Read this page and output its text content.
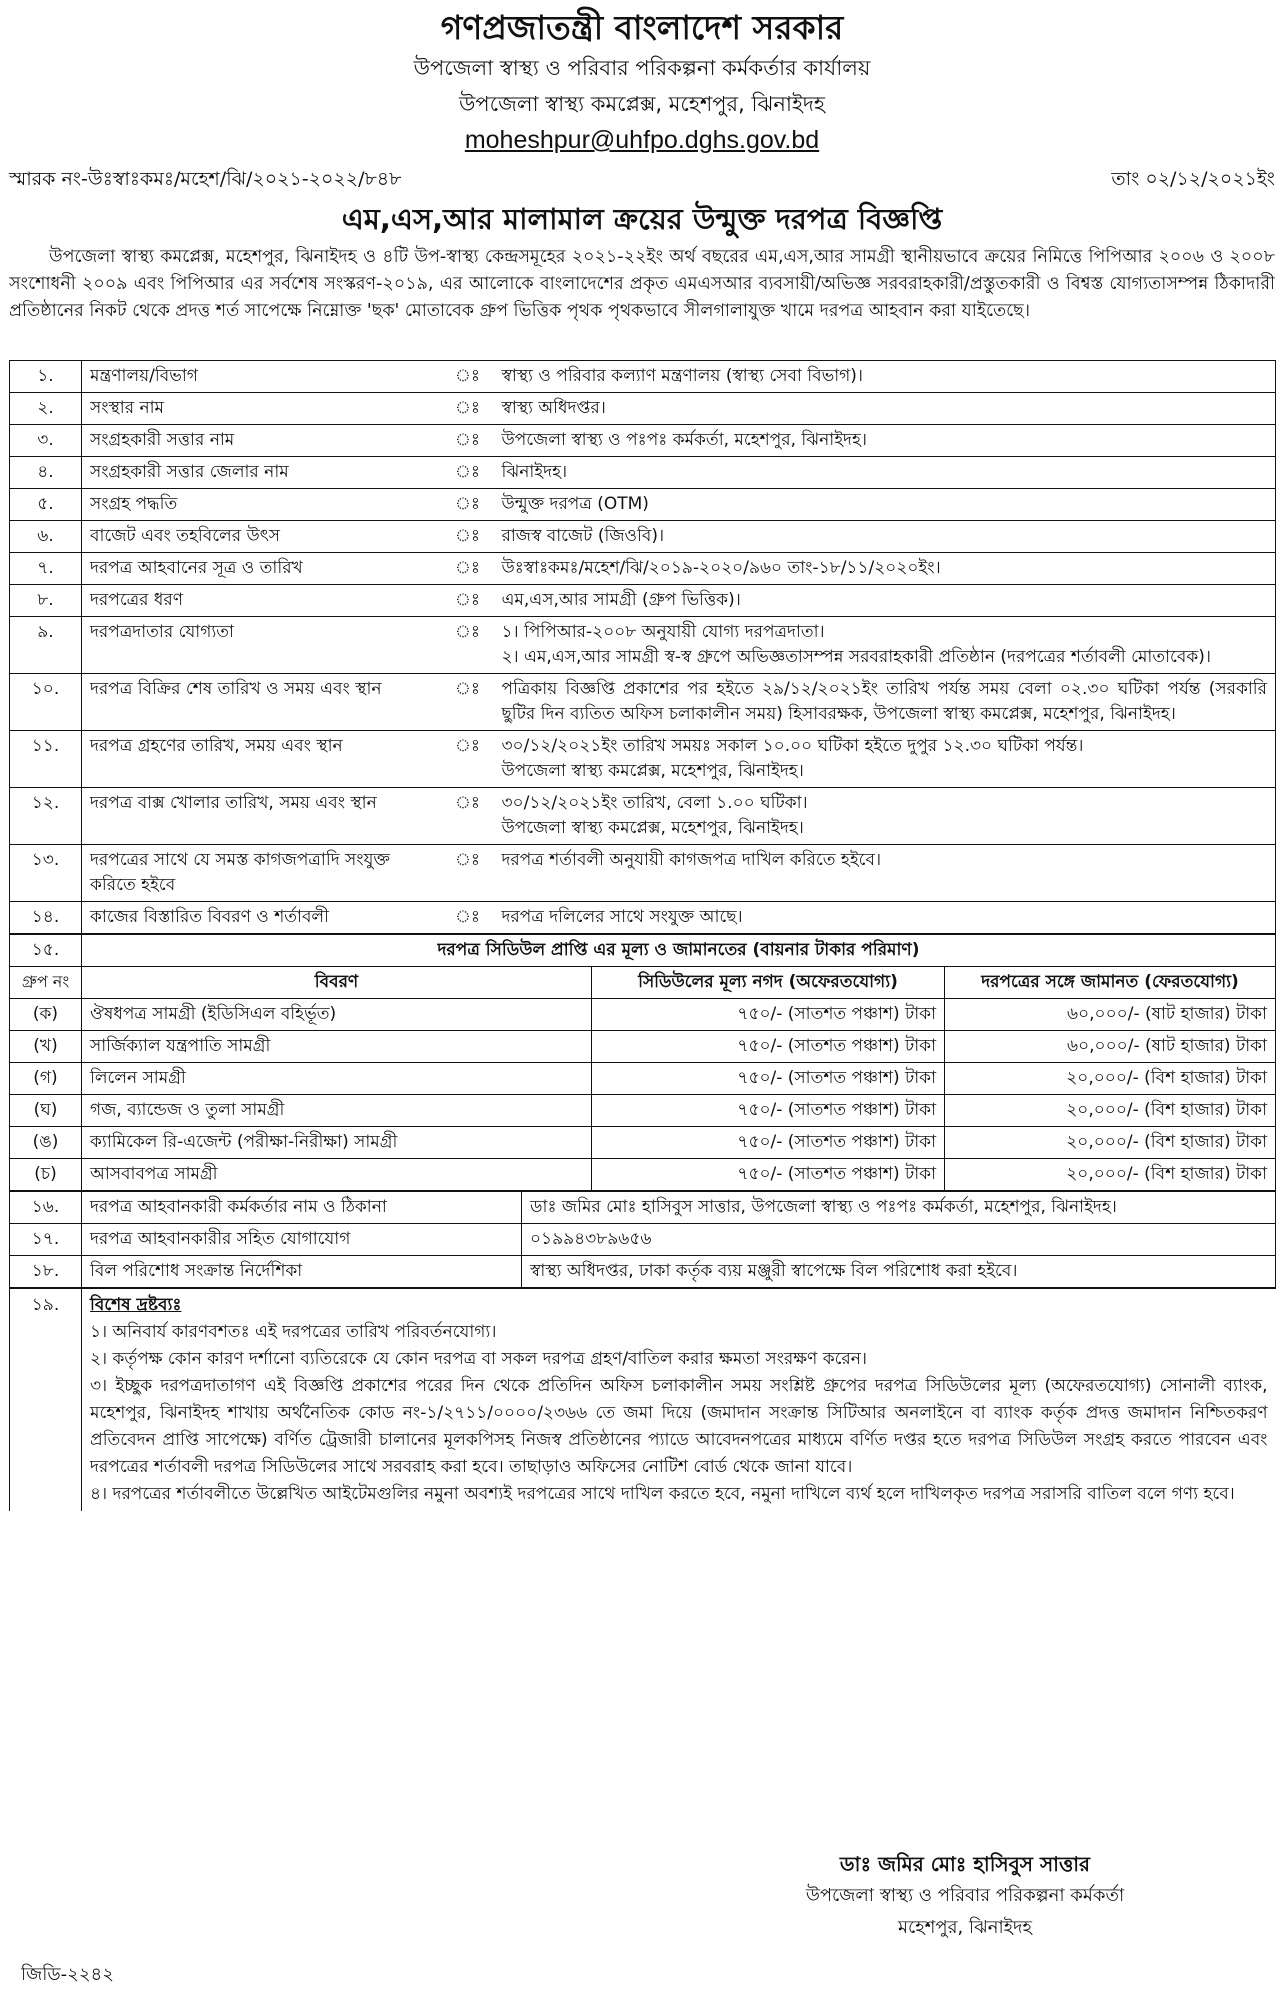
গণপ্রজাতন্ত্রী বাংলাদেশ সরকার
উপজেলা স্বাস্থ্য ও পরিবার পরিকল্পনা কর্মকর্তার কার্যালয়
উপজেলা স্বাস্থ্য কমপ্লেক্স, মহেশপুর, ঝিনাইদহ
moheshpur@uhfpo.dghs.gov.bd
স্মারক নং-উঃস্বাঃকমঃ/মহেশ/ঝি/২০২১-২০২২/৮৪৮	তাং ০২/১২/২০২১ইং
এম,এস,আর মালামাল ক্রয়ের উন্মুক্ত দরপত্র বিজ্ঞপ্তি
উপজেলা স্বাস্থ্য কমপ্লেক্স, মহেশপুর, ঝিনাইদহ ও ৪টি উপ-স্বাস্থ্য কেন্দ্রসমূহের ২০২১-২২ইং অর্থ বছরের এম,এস,আর সামগ্রী স্থানীয়ভাবে ক্রয়ের নিমিত্তে পিপিআর ২০০৬ ও ২০০৮ সংশোধনী ২০০৯ এবং পিপিআর এর সর্বশেষ সংস্করণ-২০১৯, এর আলোকে বাংলাদেশের প্রকৃত এমএসআর ব্যবসায়ী/অভিজ্ঞ সরবরাহকারী/প্রস্তুতকারী ও বিশ্বস্ত যোগ্যতাসম্পন্ন ঠিকাদারী প্রতিষ্ঠানের নিকট থেকে প্রদত্ত শর্ত সাপেক্ষে নিম্নোক্ত 'ছক' মোতাবেক গ্রুপ ভিত্তিক পৃথক পৃথকভাবে সীলগালাযুক্ত খামে দরপত্র আহবান করা যাইতেছে।
১.	মন্ত্রণালয়/বিভাগ	ঃ	স্বাস্থ্য ও পরিবার কল্যাণ মন্ত্রণালয় (স্বাস্থ্য সেবা বিভাগ)।

২.	সংস্থার নাম	ঃ	স্বাস্থ্য অধিদপ্তর।

৩.	সংগ্রহকারী সত্তার নাম	ঃ	উপজেলা স্বাস্থ্য ও পঃপঃ কর্মকর্তা, মহেশপুর, ঝিনাইদহ।

৪.	সংগ্রহকারী সত্তার জেলার নাম	ঃ	ঝিনাইদহ।

৫.	সংগ্রহ পদ্ধতি	ঃ	উন্মুক্ত দরপত্র (OTM)

৬.	বাজেট এবং তহবিলের উৎস	ঃ	রাজস্ব বাজেট (জিওবি)।

৭.	দরপত্র আহবানের সূত্র ও তারিখ	ঃ	উঃস্বাঃকমঃ/মহেশ/ঝি/২০১৯-২০২০/৯৬০ তাং-১৮/১১/২০২০ইং।

৮.	দরপত্রের ধরণ	ঃ	এম,এস,আর সামগ্রী (গ্রুপ ভিত্তিক)।

৯.	দরপত্রদাতার যোগ্যতা	ঃ	১। পিপিআর-২০০৮ অনুযায়ী যোগ্য দরপত্রদাতা।
২। এম,এস,আর সামগ্রী স্ব-স্ব গ্রুপে অভিজ্ঞতাসম্পন্ন সরবরাহকারী প্রতিষ্ঠান (দরপত্রের শর্তাবলী মোতাবেক)।

১০.	দরপত্র বিক্রির শেষ তারিখ ও সময় এবং স্থান	ঃ	পত্রিকায় বিজ্ঞপ্তি প্রকাশের পর হইতে ২৯/১২/২০২১ইং তারিখ পর্যন্ত সময় বেলা ০২.৩০ ঘটিকা পর্যন্ত (সরকারি ছুটির দিন ব্যতিত অফিস চলাকালীন সময়) হিসাবরক্ষক, উপজেলা স্বাস্থ্য কমপ্লেক্স, মহেশপুর, ঝিনাইদহ।

১১.	দরপত্র গ্রহণের তারিখ, সময় এবং স্থান	ঃ	৩০/১২/২০২১ইং তারিখ সময়ঃ সকাল ১০.০০ ঘটিকা হইতে দুপুর ১২.৩০ ঘটিকা পর্যন্ত।
উপজেলা স্বাস্থ্য কমপ্লেক্স, মহেশপুর, ঝিনাইদহ।

১২.	দরপত্র বাক্স খোলার তারিখ, সময় এবং স্থান	ঃ	৩০/১২/২০২১ইং তারিখ, বেলা ১.০০ ঘটিকা।
উপজেলা স্বাস্থ্য কমপ্লেক্স, মহেশপুর, ঝিনাইদহ।

১৩.	দরপত্রের সাথে যে সমস্ত কাগজপত্রাদি সংযুক্ত করিতে হইবে	ঃ	দরপত্র শর্তাবলী অনুযায়ী কাগজপত্র দাখিল করিতে হইবে।

১৪.	কাজের বিস্তারিত বিবরণ ও শর্তাবলী	ঃ	দরপত্র দলিলের সাথে সংযুক্ত আছে।
১৫.	দরপত্র সিডিউল প্রাপ্তি এর মূল্য ও জামানতের (বায়নার টাকার পরিমাণ)		
গ্রুপ নং	বিবরণ	সিডিউলের মূল্য নগদ (অফেরতযোগ্য)	দরপত্রের সঙ্গে জামানত (ফেরতযোগ্য)
(ক)	ঔষধপত্র সামগ্রী (ইডিসিএল বহির্ভূত)	৭৫০/- (সাতশত পঞ্চাশ) টাকা	৬০,০০০/- (ষাট হাজার) টাকা
(খ)	সার্জিক্যাল যন্ত্রপাতি সামগ্রী	৭৫০/- (সাতশত পঞ্চাশ) টাকা	৬০,০০০/- (ষাট হাজার) টাকা
(গ)	লিলেন সামগ্রী	৭৫০/- (সাতশত পঞ্চাশ) টাকা	২০,০০০/- (বিশ হাজার) টাকা
(ঘ)	গজ, ব্যান্ডেজ ও তুলা সামগ্রী	৭৫০/- (সাতশত পঞ্চাশ) টাকা	২০,০০০/- (বিশ হাজার) টাকা
(ঙ)	ক্যামিকেল রি-এজেন্ট (পরীক্ষা-নিরীক্ষা) সামগ্রী	৭৫০/- (সাতশত পঞ্চাশ) টাকা	২০,০০০/- (বিশ হাজার) টাকা
(চ)	আসবাবপত্র সামগ্রী	৭৫০/- (সাতশত পঞ্চাশ) টাকা	২০,০০০/- (বিশ হাজার) টাকা
১৬.	দরপত্র আহবানকারী কর্মকর্তার নাম ও ঠিকানা	ডাঃ জমির মোঃ হাসিবুস সাত্তার, উপজেলা স্বাস্থ্য ও পঃপঃ কর্মকর্তা, মহেশপুর, ঝিনাইদহ।
১৭.	দরপত্র আহবানকারীর সহিত যোগাযোগ	০১৯৯৪৩৮৯৬৫৬
১৮.	বিল পরিশোধ সংক্রান্ত নির্দেশিকা	স্বাস্থ্য অধিদপ্তর, ঢাকা কর্তৃক ব্যয় মঞ্জুরী স্বাপেক্ষে বিল পরিশোধ করা হইবে।
১৯.	বিশেষ দ্রষ্টব্যঃ
১। অনিবার্য কারণবশতঃ এই দরপত্রের তারিখ পরিবর্তনযোগ্য।
২। কর্তৃপক্ষ কোন কারণ দর্শানো ব্যতিরেকে যে কোন দরপত্র বা সকল দরপত্র গ্রহণ/বাতিল করার ক্ষমতা সংরক্ষণ করেন।
৩। ইচ্ছুক দরপত্রদাতাগণ এই বিজ্ঞপ্তি প্রকাশের পরের দিন থেকে প্রতিদিন অফিস চলাকালীন সময় সংশ্লিষ্ট গ্রুপের দরপত্র সিডিউলের মূল্য (অফেরতযোগ্য) সোনালী ব্যাংক, মহেশপুর, ঝিনাইদহ শাখায় অর্থনৈতিক কোড নং-১/২৭১১/০০০০/২৩৬৬ তে জমা দিয়ে (জমাদান সংক্রান্ত সিটিআর অনলাইনে বা ব্যাংক কর্তৃক প্রদত্ত জমাদান নিশ্চিতকরণ প্রতিবেদন প্রাপ্তি সাপেক্ষে) বর্ণিত ট্রেজারী চালানের মূলকপিসহ নিজস্ব প্রতিষ্ঠানের প্যাডে আবেদনপত্রের মাধ্যমে বর্ণিত দপ্তর হতে দরপত্র সিডিউল সংগ্রহ করতে পারবেন এবং দরপত্রের শর্তাবলী দরপত্র সিডিউলের সাথে সরবরাহ করা হবে। তাছাড়াও অফিসের নোটিশ বোর্ড থেকে জানা যাবে।
৪। দরপত্রের শর্তাবলীতে উল্লেখিত আইটেমগুলির নমুনা অবশ্যই দরপত্রের সাথে দাখিল করতে হবে, নমুনা দাখিলে ব্যর্থ হলে দাখিলকৃত দরপত্র সরাসরি বাতিল বলে গণ্য হবে।
ডাঃ জমির মোঃ হাসিবুস সাত্তার
উপজেলা স্বাস্থ্য ও পরিবার পরিকল্পনা কর্মকর্তা
মহেশপুর, ঝিনাইদহ
জিডি-২২৪২
